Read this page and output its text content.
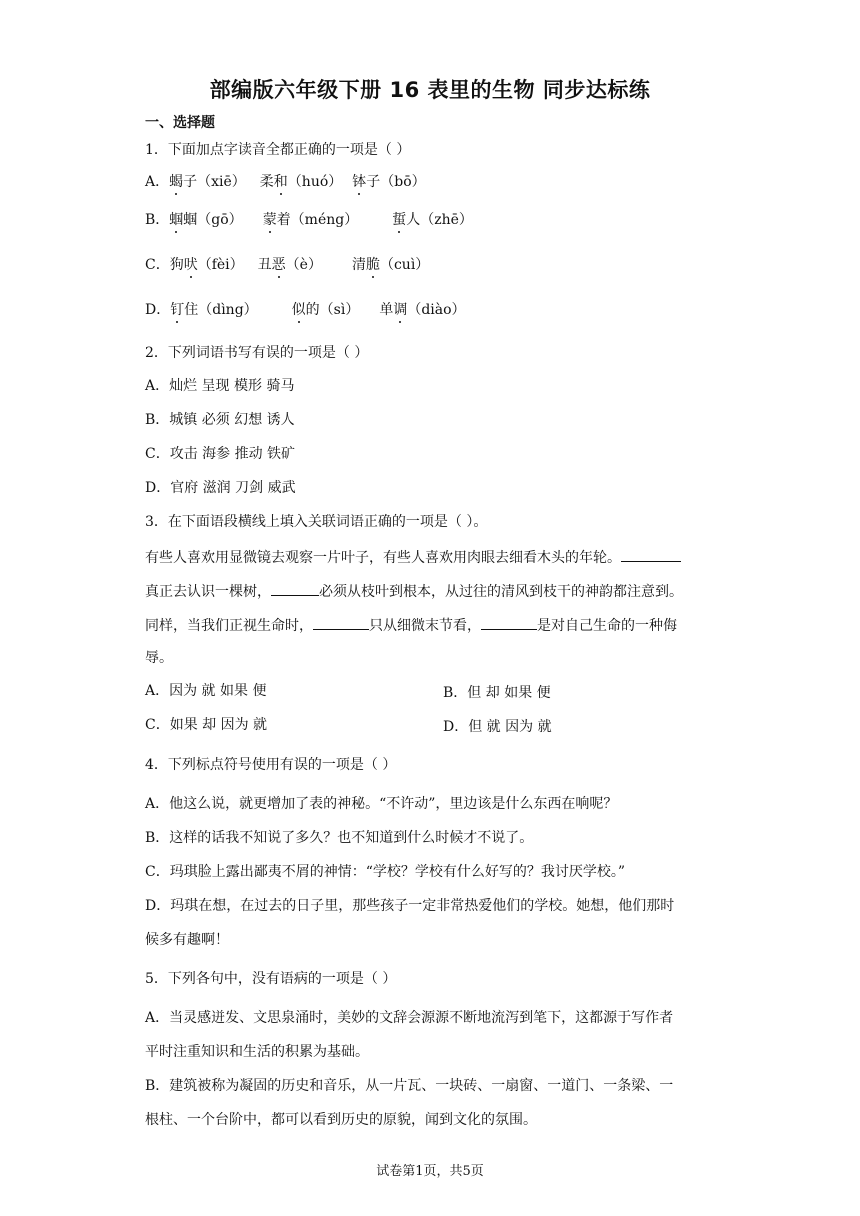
部编版六年级下册 16 表里的生物 同步达标练
一、选择题
1．下面加点字读音全都正确的一项是（ ）
A．蝎子（xiē） 柔和（huó） 钵子（bō）
B．蝈蝈（gō） 蒙着（méng） 蜇人（zhē）
C．狗吠（fèi） 丑恶（è） 清脆（cuì）
D．钉住（dìng） 似的（sì） 单调（diào）
2．下列词语书写有误的一项是（ ）
A．灿烂 呈现 模形 骑马
B．城镇 必须 幻想 诱人
C．攻击 海参 推动 铁矿
D．官府 滋润 刀剑 威武
3．在下面语段横线上填入关联词语正确的一项是（ ）。
有些人喜欢用显微镜去观察一片叶子，有些人喜欢用肉眼去细看木头的年轮。
真正去认识一棵树，	必须从枝叶到根本，从过往的清风到枝干的神韵都注意到。
同样，当我们正视生命时，	只从细微末节看，	是对自己生命的一种侮
辱。
A．因为 就 如果 便	B．但 却 如果 便
C．如果 却 因为 就	D．但 就 因为 就
4．下列标点符号使用有误的一项是（ ）
A．他这么说，就更增加了表的神秘。“不许动”，里边该是什么东西在响呢？
B．这样的话我不知说了多久？也不知道到什么时候才不说了。
C．玛琪脸上露出鄙夷不屑的神情：“学校？学校有什么好写的？我讨厌学校。”
D．玛琪在想，在过去的日子里，那些孩子一定非常热爱他们的学校。她想，他们那时
候多有趣啊！
5．下列各句中，没有语病的一项是（ ）
A．当灵感迸发、文思泉涌时，美妙的文辞会源源不断地流泻到笔下，这都源于写作者
平时注重知识和生活的积累为基础。
B．建筑被称为凝固的历史和音乐，从一片瓦、一块砖、一扇窗、一道门、一条梁、一
根柱、一个台阶中，都可以看到历史的原貌，闻到文化的氛围。
试卷第1页，共5页
